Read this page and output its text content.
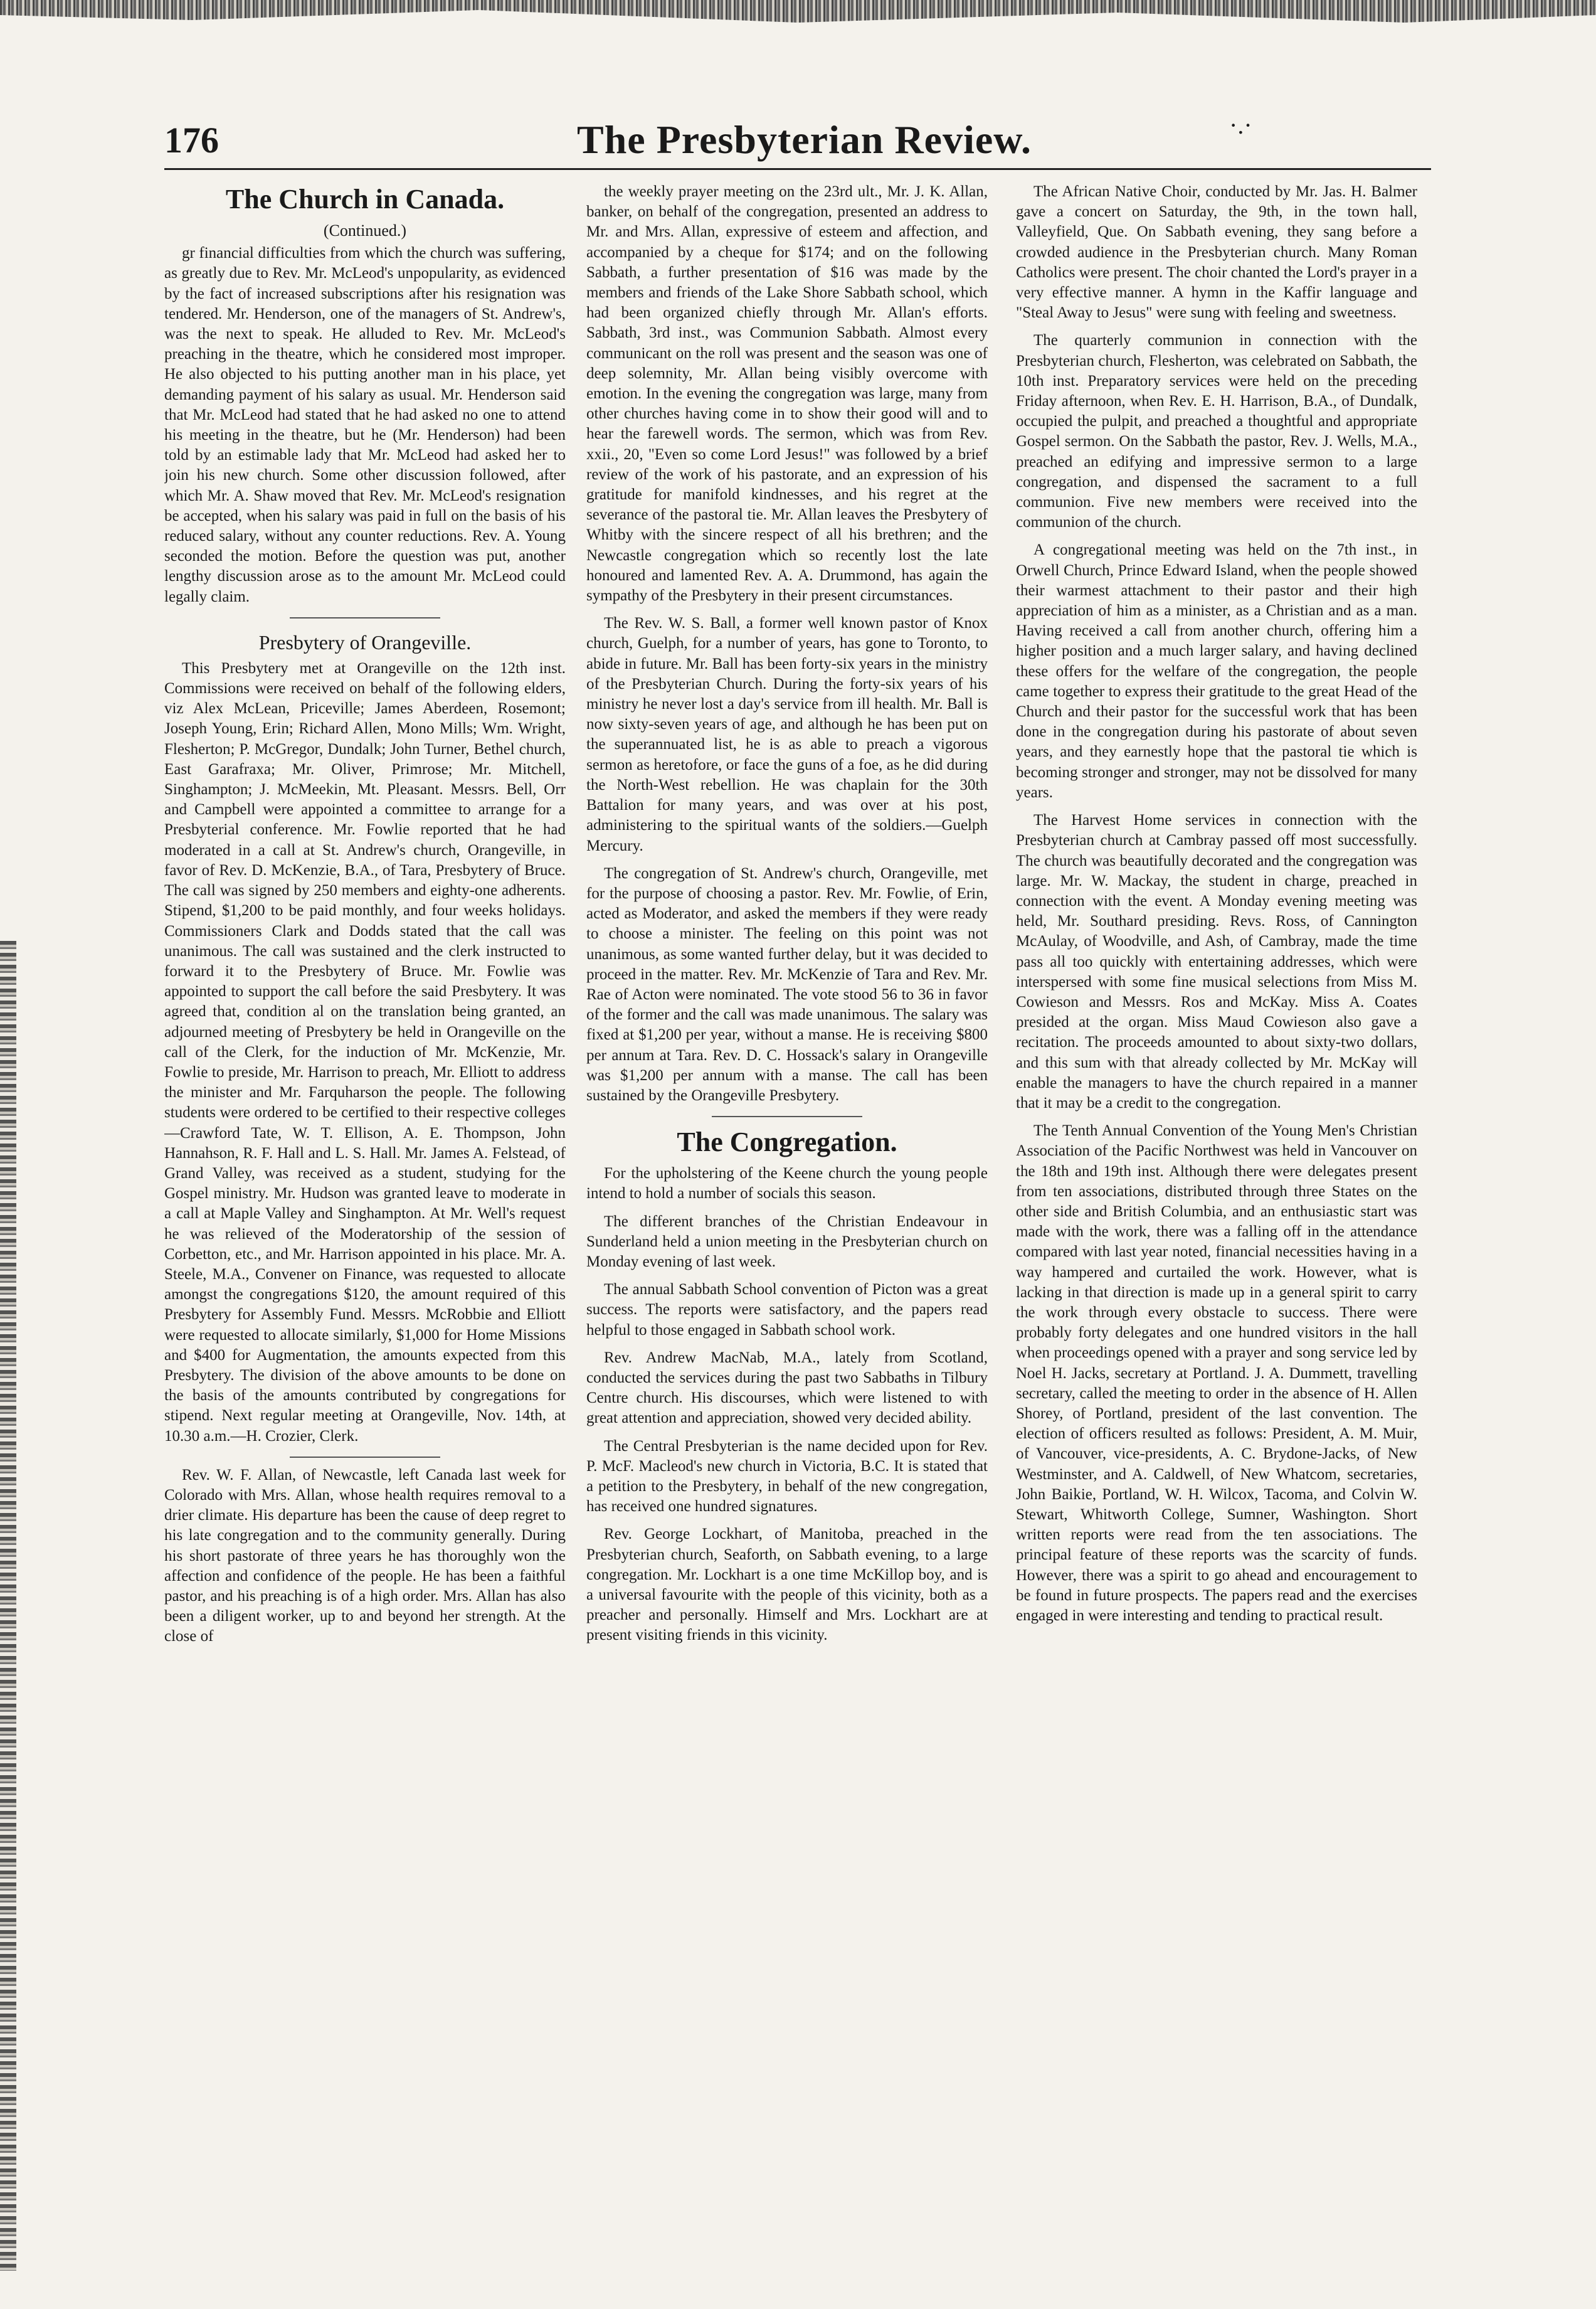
176	The Presbyterian Review.	·.·
The Church in Canada.
(Continued.)

gr financial difficulties from which the church was suffering, as greatly due to Rev. Mr. McLeod's unpopularity, as evidenced by the fact of increased subscriptions after his resignation was tendered. Mr. Henderson, one of the managers of St. Andrew's, was the next to speak. He alluded to Rev. Mr. McLeod's preaching in the theatre, which he considered most improper. He also objected to his putting another man in his place, yet demanding payment of his salary as usual. Mr. Henderson said that Mr. McLeod had stated that he had asked no one to attend his meeting in the theatre, but he (Mr. Henderson) had been told by an estimable lady that Mr. McLeod had asked her to join his new church. Some other discussion followed, after which Mr. A. Shaw moved that Rev. Mr. McLeod's resignation be accepted, when his salary was paid in full on the basis of his reduced salary, without any counter reductions. Rev. A. Young seconded the motion. Before the question was put, another lengthy discussion arose as to the amount Mr. McLeod could legally claim.

Presbytery of Orangeville.

This Presbytery met at Orangeville on the 12th inst. Commissions were received on behalf of the following elders, viz Alex McLean, Priceville; James Aberdeen, Rosemont; Joseph Young, Erin; Richard Allen, Mono Mills; Wm. Wright, Flesherton; P. McGregor, Dundalk; John Turner, Bethel church, East Garafraxa; Mr. Oliver, Primrose; Mr. Mitchell, Singhampton; J. McMeekin, Mt. Pleasant. Messrs. Bell, Orr and Campbell were appointed a committee to arrange for a Presbyterial conference. Mr. Fowlie reported that he had moderated in a call at St. Andrew's church, Orangeville, in favor of Rev. D. McKenzie, B.A., of Tara, Presbytery of Bruce. The call was signed by 250 members and eighty-one adherents. Stipend, $1,200 to be paid monthly, and four weeks holidays. Commissioners Clark and Dodds stated that the call was unanimous. The call was sustained and the clerk instructed to forward it to the Presbytery of Bruce. Mr. Fowlie was appointed to support the call before the said Presbytery. It was agreed that, condition al on the translation being granted, an adjourned meeting of Presbytery be held in Orangeville on the call of the Clerk, for the induction of Mr. McKenzie, Mr. Fowlie to preside, Mr. Harrison to preach, Mr. Elliott to address the minister and Mr. Farquharson the people. The following students were ordered to be certified to their respective colleges—Crawford Tate, W. T. Ellison, A. E. Thompson, John Hannahson, R. F. Hall and L. S. Hall. Mr. James A. Felstead, of Grand Valley, was received as a student, studying for the Gospel ministry. Mr. Hudson was granted leave to moderate in a call at Maple Valley and Singhampton. At Mr. Well's request he was relieved of the Moderatorship of the session of Corbetton, etc., and Mr. Harrison appointed in his place. Mr. A. Steele, M.A., Convener on Finance, was requested to allocate amongst the congregations $120, the amount required of this Presbytery for Assembly Fund. Messrs. McRobbie and Elliott were requested to allocate similarly, $1,000 for Home Missions and $400 for Augmentation, the amounts expected from this Presbytery. The division of the above amounts to be done on the basis of the amounts contributed by congregations for stipend. Next regular meeting at Orangeville, Nov. 14th, at 10.30 a.m.—H. Crozier, Clerk.

Rev. W. F. Allan, of Newcastle, left Canada last week for Colorado with Mrs. Allan, whose health requires removal to a drier climate. His departure has been the cause of deep regret to his late congregation and to the community generally. During his short pastorate of three years he has thoroughly won the affection and confidence of the people. He has been a faithful pastor, and his preaching is of a high order. Mrs. Allan has also been a diligent worker, up to and beyond her strength. At the close of

the weekly prayer meeting on the 23rd ult., Mr. J. K. Allan, banker, on behalf of the congregation, presented an address to Mr. and Mrs. Allan, expressive of esteem and affection, and accompanied by a cheque for $174; and on the following Sabbath, a further presentation of $16 was made by the members and friends of the Lake Shore Sabbath school, which had been organized chiefly through Mr. Allan's efforts. Sabbath, 3rd inst., was Communion Sabbath. Almost every communicant on the roll was present and the season was one of deep solemnity, Mr. Allan being visibly overcome with emotion. In the evening the congregation was large, many from other churches having come in to show their good will and to hear the farewell words. The sermon, which was from Rev. xxii., 20, "Even so come Lord Jesus!" was followed by a brief review of the work of his pastorate, and an expression of his gratitude for manifold kindnesses, and his regret at the severance of the pastoral tie. Mr. Allan leaves the Presbytery of Whitby with the sincere respect of all his brethren; and the Newcastle congregation which so recently lost the late honoured and lamented Rev. A. A. Drummond, has again the sympathy of the Presbytery in their present circumstances.

The Rev. W. S. Ball, a former well known pastor of Knox church, Guelph, for a number of years, has gone to Toronto, to abide in future. Mr. Ball has been forty-six years in the ministry of the Presbyterian Church. During the forty-six years of his ministry he never lost a day's service from ill health. Mr. Ball is now sixty-seven years of age, and although he has been put on the superannuated list, he is as able to preach a vigorous sermon as heretofore, or face the guns of a foe, as he did during the North-West rebellion. He was chaplain for the 30th Battalion for many years, and was over at his post, administering to the spiritual wants of the soldiers.—Guelph Mercury.

The congregation of St. Andrew's church, Orangeville, met for the purpose of choosing a pastor. Rev. Mr. Fowlie, of Erin, acted as Moderator, and asked the members if they were ready to choose a minister. The feeling on this point was not unanimous, as some wanted further delay, but it was decided to proceed in the matter. Rev. Mr. McKenzie of Tara and Rev. Mr. Rae of Acton were nominated. The vote stood 56 to 36 in favor of the former and the call was made unanimous. The salary was fixed at $1,200 per year, without a manse. He is receiving $800 per annum at Tara. Rev. D. C. Hossack's salary in Orangeville was $1,200 per annum with a manse. The call has been sustained by the Orangeville Presbytery.

The Congregation.

For the upholstering of the Keene church the young people intend to hold a number of socials this season.

The different branches of the Christian Endeavour in Sunderland held a union meeting in the Presbyterian church on Monday evening of last week.

The annual Sabbath School convention of Picton was a great success. The reports were satisfactory, and the papers read helpful to those engaged in Sabbath school work.

Rev. Andrew MacNab, M.A., lately from Scotland, conducted the services during the past two Sabbaths in Tilbury Centre church. His discourses, which were listened to with great attention and appreciation, showed very decided ability.

The Central Presbyterian is the name decided upon for Rev. P. McF. Macleod's new church in Victoria, B.C. It is stated that a petition to the Presbytery, in behalf of the new congregation, has received one hundred signatures.

Rev. George Lockhart, of Manitoba, preached in the Presbyterian church, Seaforth, on Sabbath evening, to a large congregation. Mr. Lockhart is a one time McKillop boy, and is a universal favourite with the people of this vicinity, both as a preacher and personally. Himself and Mrs. Lockhart are at present visiting friends in this vicinity.

The African Native Choir, conducted by Mr. Jas. H. Balmer gave a concert on Saturday, the 9th, in the town hall, Valleyfield, Que. On Sabbath evening, they sang before a crowded audience in the Presbyterian church. Many Roman Catholics were present. The choir chanted the Lord's prayer in a very effective manner. A hymn in the Kaffir language and "Steal Away to Jesus" were sung with feeling and sweetness.

The quarterly communion in connection with the Presbyterian church, Flesherton, was celebrated on Sabbath, the 10th inst. Preparatory services were held on the preceding Friday afternoon, when Rev. E. H. Harrison, B.A., of Dundalk, occupied the pulpit, and preached a thoughtful and appropriate Gospel sermon. On the Sabbath the pastor, Rev. J. Wells, M.A., preached an edifying and impressive sermon to a large congregation, and dispensed the sacrament to a full communion. Five new members were received into the communion of the church.

A congregational meeting was held on the 7th inst., in Orwell Church, Prince Edward Island, when the people showed their warmest attachment to their pastor and their high appreciation of him as a minister, as a Christian and as a man. Having received a call from another church, offering him a higher position and a much larger salary, and having declined these offers for the welfare of the congregation, the people came together to express their gratitude to the great Head of the Church and their pastor for the successful work that has been done in the congregation during his pastorate of about seven years, and they earnestly hope that the pastoral tie which is becoming stronger and stronger, may not be dissolved for many years.

The Harvest Home services in connection with the Presbyterian church at Cambray passed off most successfully. The church was beautifully decorated and the congregation was large. Mr. W. Mackay, the student in charge, preached in connection with the event. A Monday evening meeting was held, Mr. Southard presiding. Revs. Ross, of Cannington McAulay, of Woodville, and Ash, of Cambray, made the time pass all too quickly with entertaining addresses, which were interspersed with some fine musical selections from Miss M. Cowieson and Messrs. Ros and McKay. Miss A. Coates presided at the organ. Miss Maud Cowieson also gave a recitation. The proceeds amounted to about sixty-two dollars, and this sum with that already collected by Mr. McKay will enable the managers to have the church repaired in a manner that it may be a credit to the congregation.

The Tenth Annual Convention of the Young Men's Christian Association of the Pacific Northwest was held in Vancouver on the 18th and 19th inst. Although there were delegates present from ten associations, distributed through three States on the other side and British Columbia, and an enthusiastic start was made with the work, there was a falling off in the attendance compared with last year noted, financial necessities having in a way hampered and curtailed the work. However, what is lacking in that direction is made up in a general spirit to carry the work through every obstacle to success. There were probably forty delegates and one hundred visitors in the hall when proceedings opened with a prayer and song service led by Noel H. Jacks, secretary at Portland. J. A. Dummett, travelling secretary, called the meeting to order in the absence of H. Allen Shorey, of Portland, president of the last convention. The election of officers resulted as follows: President, A. M. Muir, of Vancouver, vice-presidents, A. C. Brydone-Jacks, of New Westminster, and A. Caldwell, of New Whatcom, secretaries, John Baikie, Portland, W. H. Wilcox, Tacoma, and Colvin W. Stewart, Whitworth College, Sumner, Washington. Short written reports were read from the ten associations. The principal feature of these reports was the scarcity of funds. However, there was a spirit to go ahead and encouragement to be found in future prospects. The papers read and the exercises engaged in were interesting and tending to practical result.
